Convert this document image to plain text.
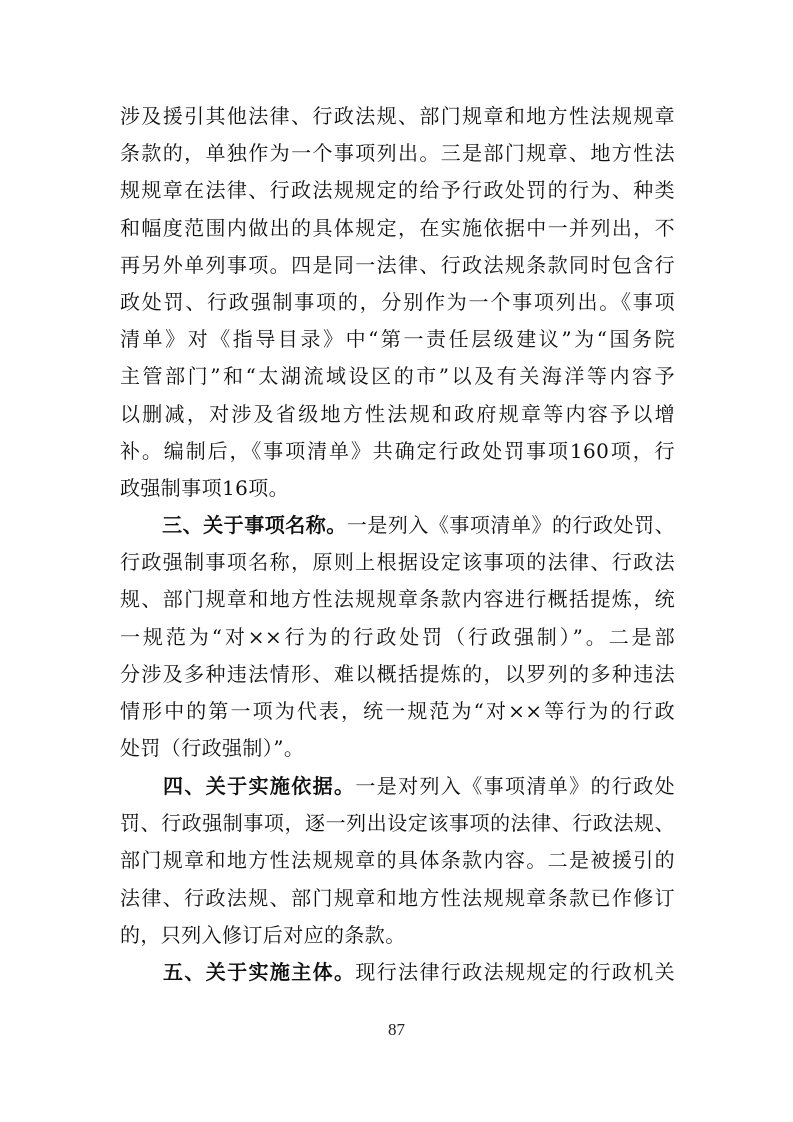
涉及援引其他法律、行政法规、部门规章和地方性法规规章
条款的，单独作为一个事项列出。三是部门规章、地方性法
规规章在法律、行政法规规定的给予行政处罚的行为、种类
和幅度范围内做出的具体规定，在实施依据中一并列出，不
再另外单列事项。四是同一法律、行政法规条款同时包含行
政处罚、行政强制事项的，分别作为一个事项列出。《事项
清单》对《指导目录》中“第一责任层级建议”为“国务院
主管部门”和“太湖流域设区的市”以及有关海洋等内容予
以删减，对涉及省级地方性法规和政府规章等内容予以增
补。编制后，《事项清单》共确定行政处罚事项160项，行
政强制事项16项。
三、关于事项名称。一是列入《事项清单》的行政处罚、
行政强制事项名称，原则上根据设定该事项的法律、行政法
规、部门规章和地方性法规规章条款内容进行概括提炼，统
一规范为“对××行为的行政处罚（行政强制）”。二是部
分涉及多种违法情形、难以概括提炼的，以罗列的多种违法
情形中的第一项为代表，统一规范为“对××等行为的行政
处罚（行政强制）”。
四、关于实施依据。一是对列入《事项清单》的行政处
罚、行政强制事项，逐一列出设定该事项的法律、行政法规、
部门规章和地方性法规规章的具体条款内容。二是被援引的
法律、行政法规、部门规章和地方性法规规章条款已作修订
的，只列入修订后对应的条款。
五、关于实施主体。现行法律行政法规规定的行政机关
87
